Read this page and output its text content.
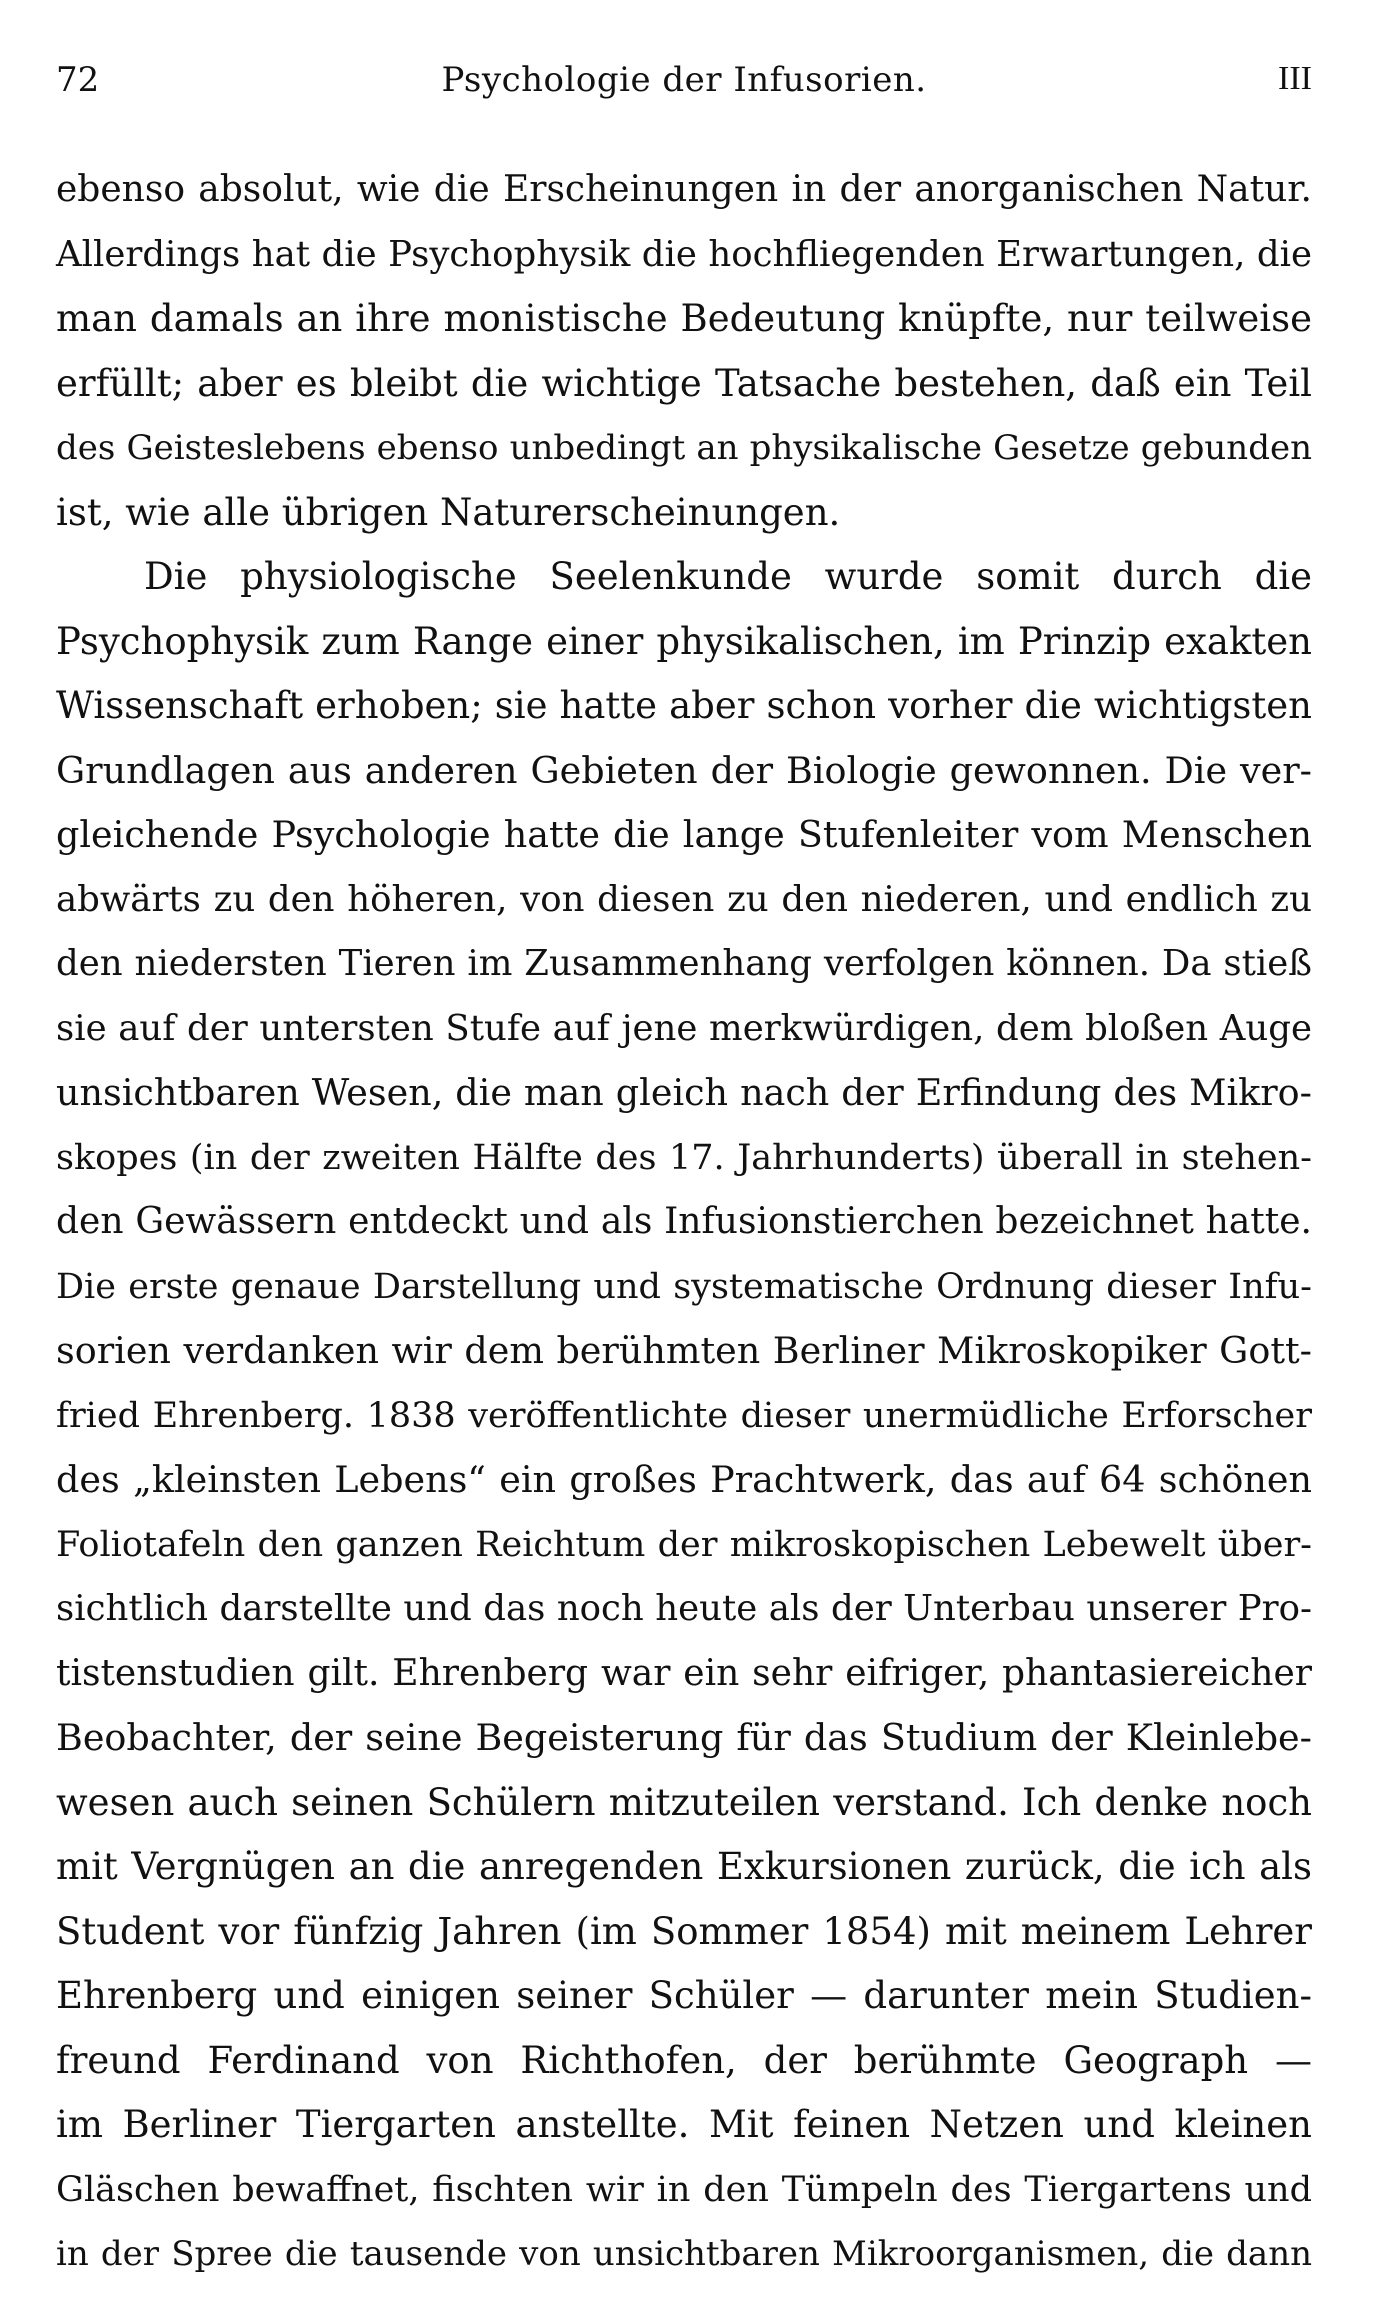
72	Psychologie der Infusorien.	III
ebenso absolut, wie die Erscheinungen in der anorganischen Natur.
Allerdings hat die Psychophysik die hochfliegenden Erwartungen, die
man damals an ihre monistische Bedeutung knüpfte, nur teilweise
erfüllt; aber es bleibt die wichtige Tatsache bestehen, daß ein Teil
des Geisteslebens ebenso unbedingt an physikalische Gesetze gebunden
ist, wie alle übrigen Naturerscheinungen.
Die physiologische Seelenkunde wurde somit durch die
Psychophysik zum Range einer physikalischen, im Prinzip exakten
Wissenschaft erhoben; sie hatte aber schon vorher die wichtigsten
Grundlagen aus anderen Gebieten der Biologie gewonnen. Die ver-
gleichende Psychologie hatte die lange Stufenleiter vom Menschen
abwärts zu den höheren, von diesen zu den niederen, und endlich zu
den niedersten Tieren im Zusammenhang verfolgen können. Da stieß
sie auf der untersten Stufe auf jene merkwürdigen, dem bloßen Auge
unsichtbaren Wesen, die man gleich nach der Erfindung des Mikro-
skopes (in der zweiten Hälfte des 17. Jahrhunderts) überall in stehen-
den Gewässern entdeckt und als Infusionstierchen bezeichnet hatte.
Die erste genaue Darstellung und systematische Ordnung dieser Infu-
sorien verdanken wir dem berühmten Berliner Mikroskopiker Gott-
fried Ehrenberg. 1838 veröffentlichte dieser unermüdliche Erforscher
des „kleinsten Lebens“ ein großes Prachtwerk, das auf 64 schönen
Foliotafeln den ganzen Reichtum der mikroskopischen Lebewelt über-
sichtlich darstellte und das noch heute als der Unterbau unserer Pro-
tistenstudien gilt. Ehrenberg war ein sehr eifriger, phantasiereicher
Beobachter, der seine Begeisterung für das Studium der Kleinlebe-
wesen auch seinen Schülern mitzuteilen verstand. Ich denke noch
mit Vergnügen an die anregenden Exkursionen zurück, die ich als
Student vor fünfzig Jahren (im Sommer 1854) mit meinem Lehrer
Ehrenberg und einigen seiner Schüler — darunter mein Studien-
freund Ferdinand von Richthofen, der berühmte Geograph —
im Berliner Tiergarten anstellte. Mit feinen Netzen und kleinen
Gläschen bewaffnet, fischten wir in den Tümpeln des Tiergartens und
in der Spree die tausende von unsichtbaren Mikroorganismen, die dann
